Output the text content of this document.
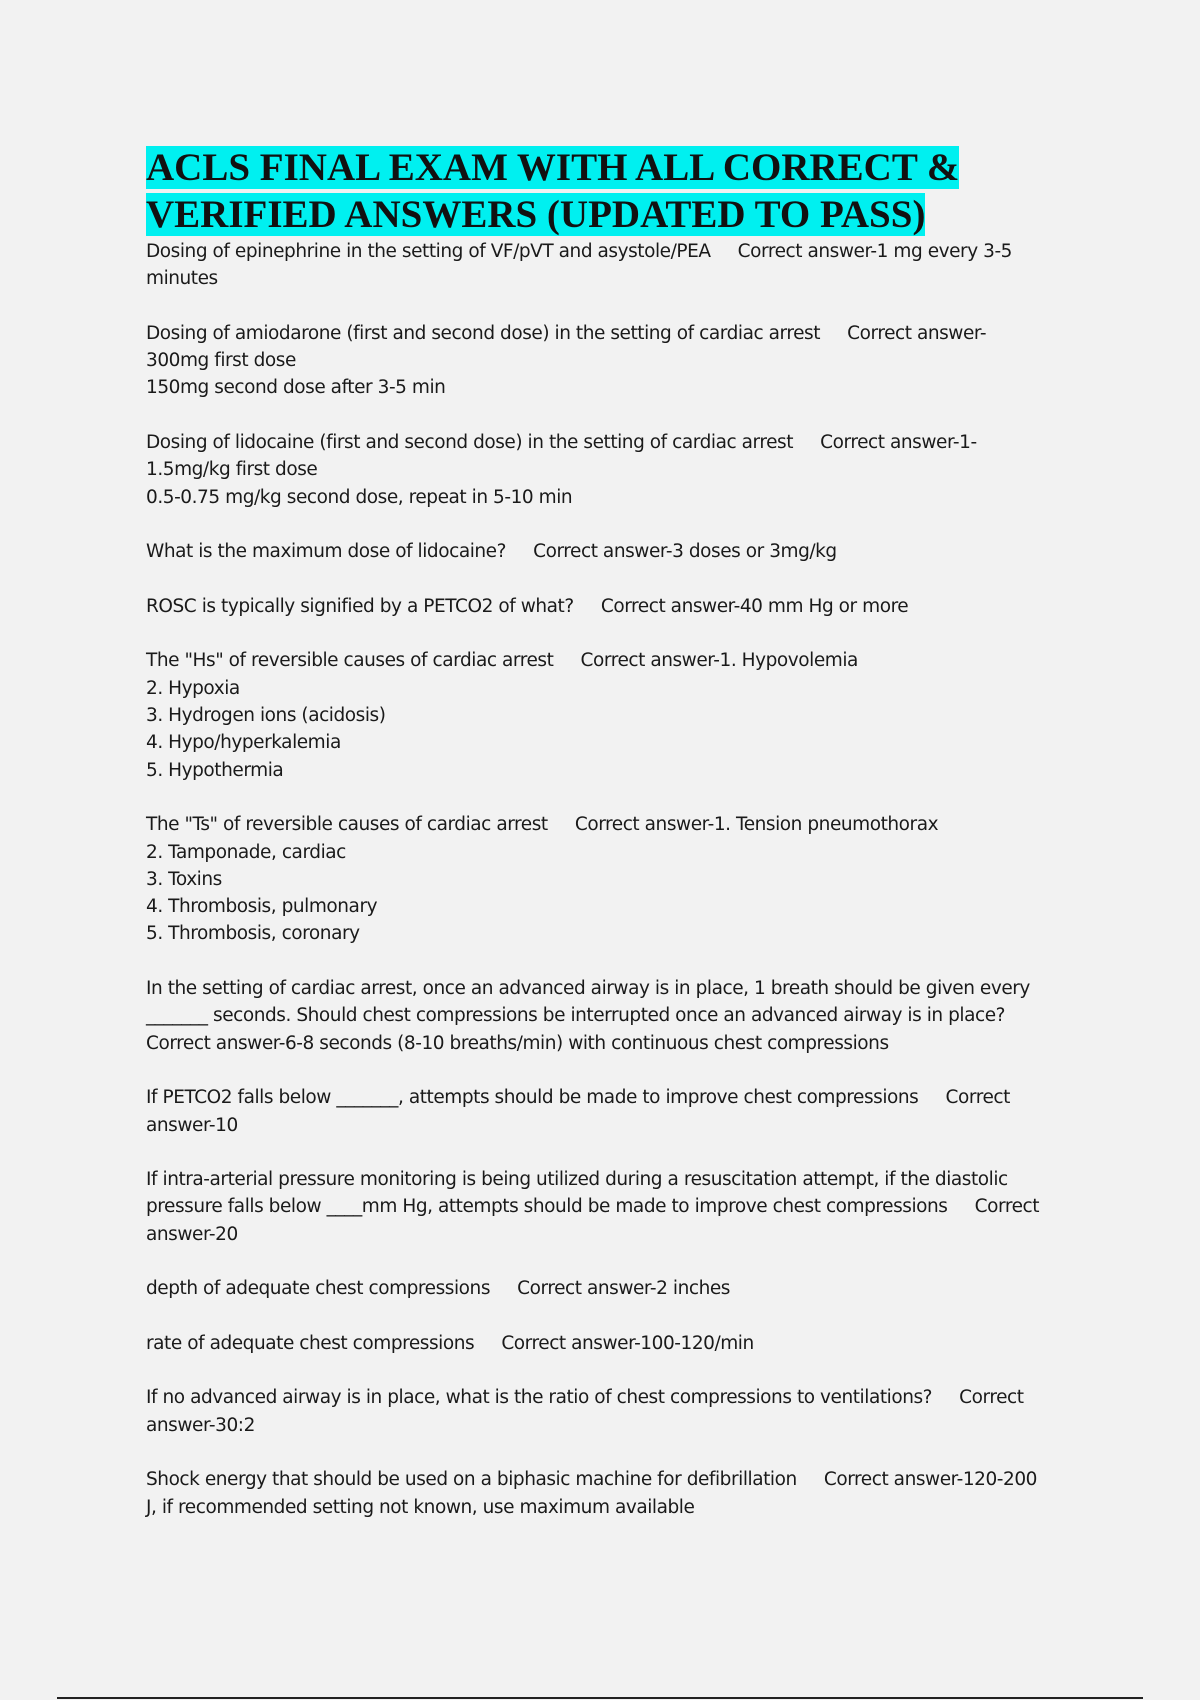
ACLS FINAL EXAM WITH ALL CORRECT &
VERIFIED ANSWERS (UPDATED TO PASS)
Dosing of epinephrine in the setting of VF/pVT and asystole/PEA     Correct answer-1 mg every 3-5
minutes
Dosing of amiodarone (first and second dose) in the setting of cardiac arrest     Correct answer-
300mg first dose
150mg second dose after 3-5 min
Dosing of lidocaine (first and second dose) in the setting of cardiac arrest     Correct answer-1-
1.5mg/kg first dose
0.5-0.75 mg/kg second dose, repeat in 5-10 min
What is the maximum dose of lidocaine?     Correct answer-3 doses or 3mg/kg
ROSC is typically signified by a PETCO2 of what?     Correct answer-40 mm Hg or more
The "Hs" of reversible causes of cardiac arrest     Correct answer-1. Hypovolemia
2. Hypoxia
3. Hydrogen ions (acidosis)
4. Hypo/hyperkalemia
5. Hypothermia
The "Ts" of reversible causes of cardiac arrest     Correct answer-1. Tension pneumothorax
2. Tamponade, cardiac
3. Toxins
4. Thrombosis, pulmonary
5. Thrombosis, coronary
In the setting of cardiac arrest, once an advanced airway is in place, 1 breath should be given every
_______ seconds. Should chest compressions be interrupted once an advanced airway is in place?
Correct answer-6-8 seconds (8-10 breaths/min) with continuous chest compressions
If PETCO2 falls below _______, attempts should be made to improve chest compressions     Correct
answer-10
If intra-arterial pressure monitoring is being utilized during a resuscitation attempt, if the diastolic
pressure falls below ____mm Hg, attempts should be made to improve chest compressions     Correct
answer-20
depth of adequate chest compressions     Correct answer-2 inches
rate of adequate chest compressions     Correct answer-100-120/min
If no advanced airway is in place, what is the ratio of chest compressions to ventilations?     Correct
answer-30:2
Shock energy that should be used on a biphasic machine for defibrillation     Correct answer-120-200
J, if recommended setting not known, use maximum available
